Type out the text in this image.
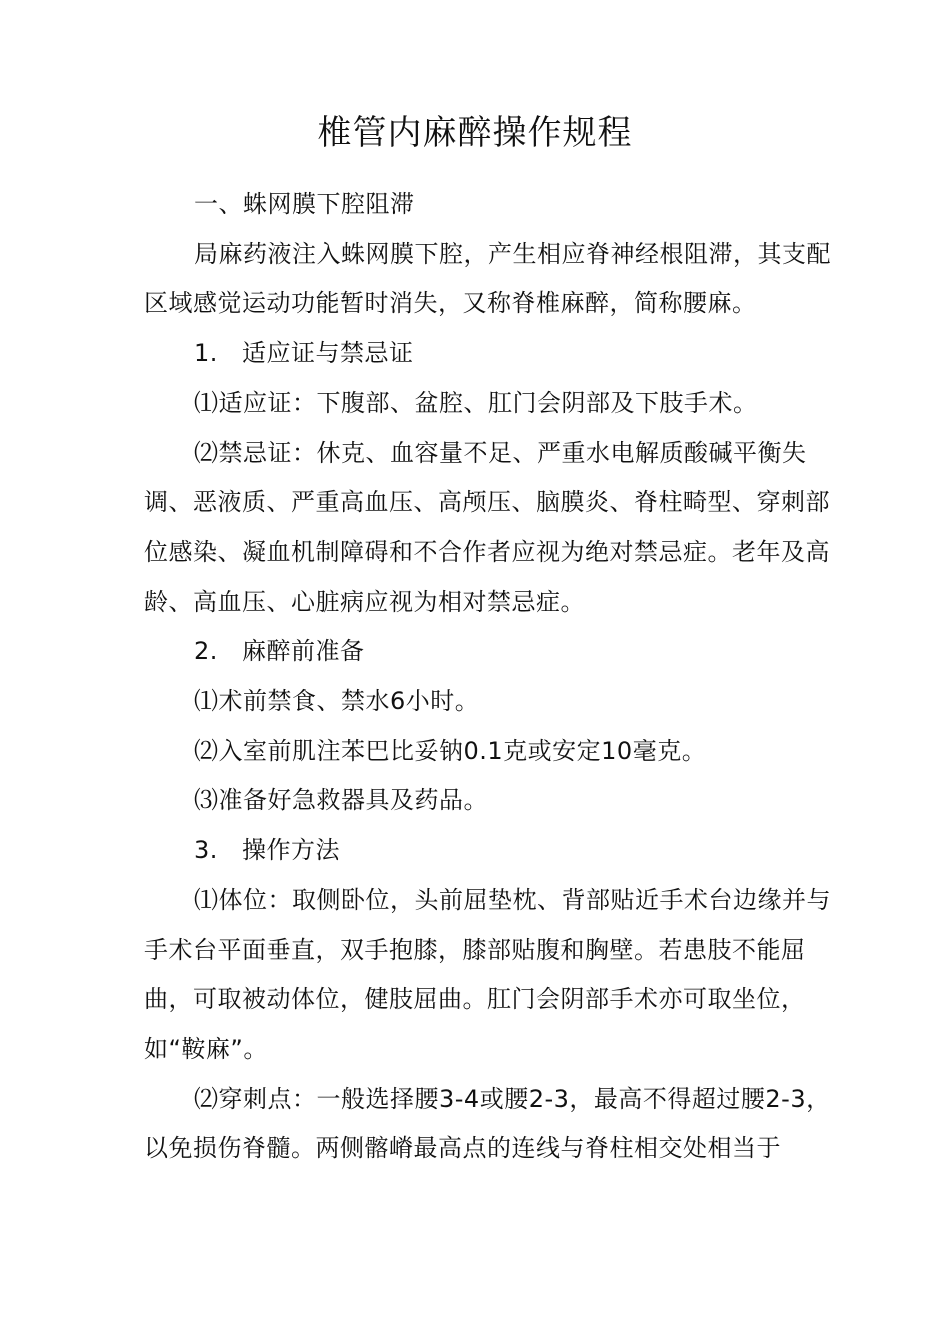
椎管内麻醉操作规程

一、蛛网膜下腔阻滞

局麻药液注入蛛网膜下腔，产生相应脊神经根阻滞，其支配区域感觉运动功能暂时消失，又称脊椎麻醉，简称腰麻。

1. 适应证与禁忌证

⑴适应证：下腹部、盆腔、肛门会阴部及下肢手术。

⑵禁忌证：休克、血容量不足、严重水电解质酸碱平衡失调、恶液质、严重高血压、高颅压、脑膜炎、脊柱畸型、穿刺部位感染、凝血机制障碍和不合作者应视为绝对禁忌症。老年及高龄、高血压、心脏病应视为相对禁忌症。

2. 麻醉前准备

⑴术前禁食、禁水6小时。

⑵入室前肌注苯巴比妥钠0.1克或安定10毫克。

⑶准备好急救器具及药品。

3. 操作方法

⑴体位：取侧卧位，头前屈垫枕、背部贴近手术台边缘并与手术台平面垂直，双手抱膝，膝部贴腹和胸壁。若患肢不能屈曲，可取被动体位，健肢屈曲。肛门会阴部手术亦可取坐位，如“鞍麻”。

⑵穿刺点：一般选择腰3-4或腰2-3，最高不得超过腰2-3，以免损伤脊髓。两侧髂嵴最高点的连线与脊柱相交处相当于
